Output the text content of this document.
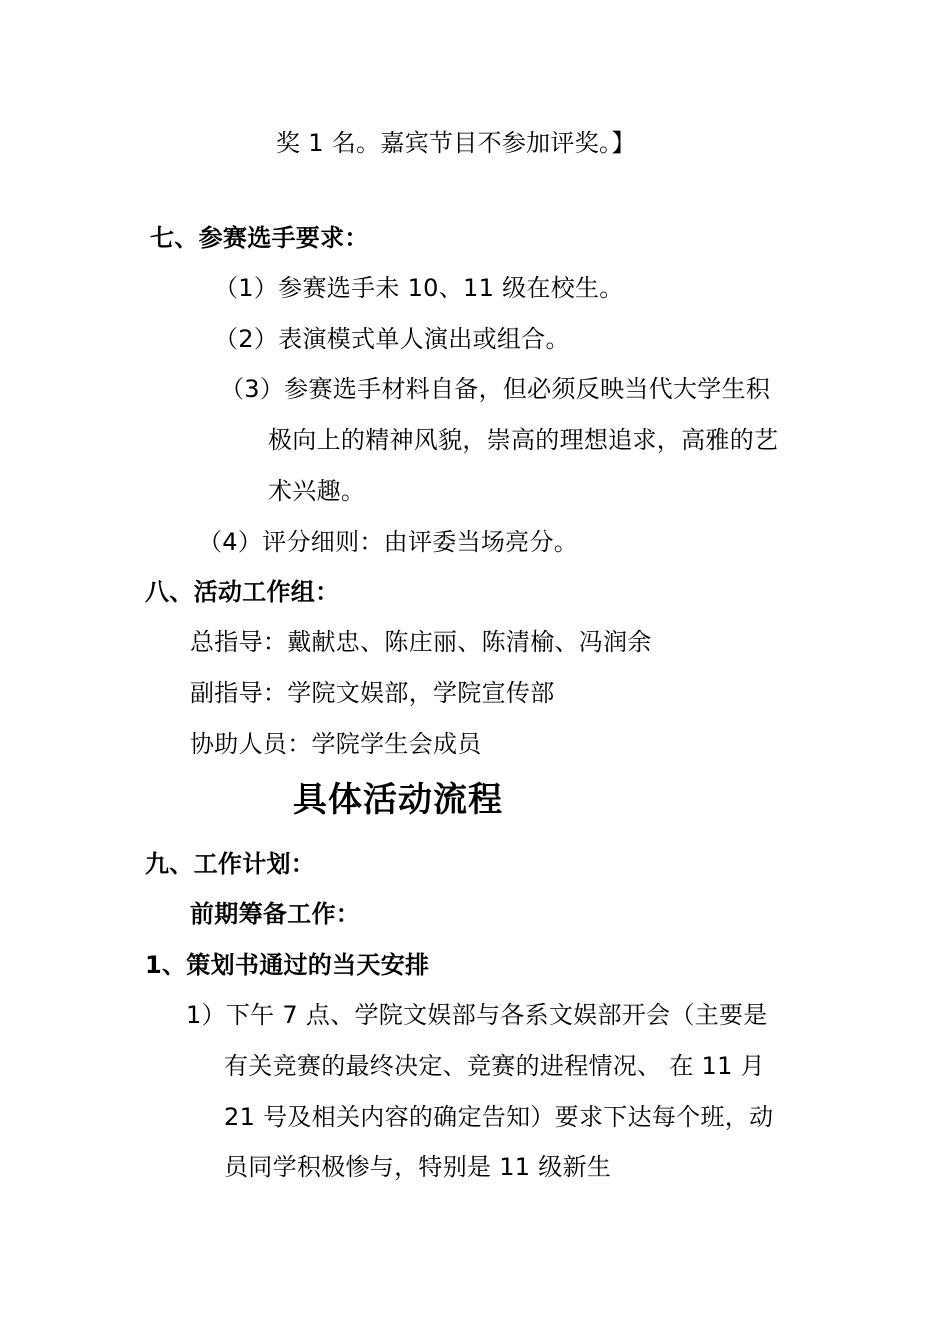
奖 1 名。嘉宾节目不参加评奖。】
七、参赛选手要求：
（1）参赛选手未 10、11 级在校生。
（2）表演模式单人演出或组合。
（3）参赛选手材料自备，但必须反映当代大学生积
极向上的精神风貌，崇高的理想追求，高雅的艺
术兴趣。
（4）评分细则：由评委当场亮分。
八、活动工作组：
总指导：戴献忠、陈庄丽、陈清榆、冯润余
副指导：学院文娱部，学院宣传部
协助人员：学院学生会成员
具体活动流程
九、工作计划：
前期筹备工作：
1、策划书通过的当天安排
1）下午 7 点、学院文娱部与各系文娱部开会（主要是
有关竞赛的最终决定、竞赛的进程情况、 在 11 月
21 号及相关内容的确定告知）要求下达每个班，动
员同学积极惨与，特别是 11 级新生
